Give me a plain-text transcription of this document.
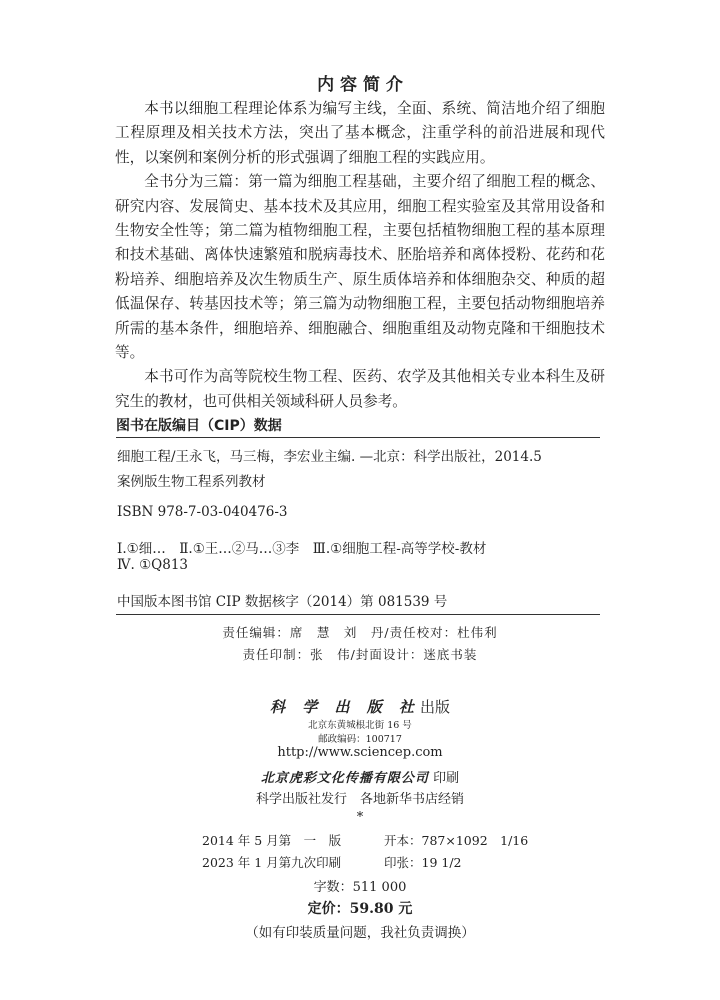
内 容 简 介

本书以细胞工程理论体系为编写主线，全面、系统、简洁地介绍了细胞工程原理及相关技术方法，突出了基本概念，注重学科的前沿进展和现代性，以案例和案例分析的形式强调了细胞工程的实践应用。

全书分为三篇：第一篇为细胞工程基础，主要介绍了细胞工程的概念、研究内容、发展简史、基本技术及其应用，细胞工程实验室及其常用设备和生物安全性等；第二篇为植物细胞工程，主要包括植物细胞工程的基本原理和技术基础、离体快速繁殖和脱病毒技术、胚胎培养和离体授粉、花药和花粉培养、细胞培养及次生物质生产、原生质体培养和体细胞杂交、种质的超低温保存、转基因技术等；第三篇为动物细胞工程，主要包括动物细胞培养所需的基本条件，细胞培养、细胞融合、细胞重组及动物克隆和干细胞技术等。

本书可作为高等院校生物工程、医药、农学及其他相关专业本科生及研究生的教材，也可供相关领域科研人员参考。

图书在版编目（CIP）数据
细胞工程/王永飞，马三梅，李宏业主编. —北京：科学出版社，2014.5
案例版生物工程系列教材
ISBN 978-7-03-040476-3
Ⅰ.①细…　Ⅱ.①王…②马…③李　Ⅲ.①细胞工程-高等学校-教材
Ⅳ. ①Q813
中国版本图书馆 CIP 数据核字（2014）第 081539 号
责任编辑：席　慧　刘　丹/责任校对：杜伟利
责任印制：张　伟/封面设计：迷底书装
科 学 出 版 社出版
北京东黄城根北街 16 号
邮政编码：100717
http://www.sciencep.com
北京虎彩文化传播有限公司 印刷
科学出版社发行　各地新华书店经销
*
2014 年 5 月第　一　版	开本：787×1092　1/16
2023 年 1 月第九次印刷	印张：19 1/2
字数：511 000
定价：59.80 元
（如有印装质量问题，我社负责调换）
